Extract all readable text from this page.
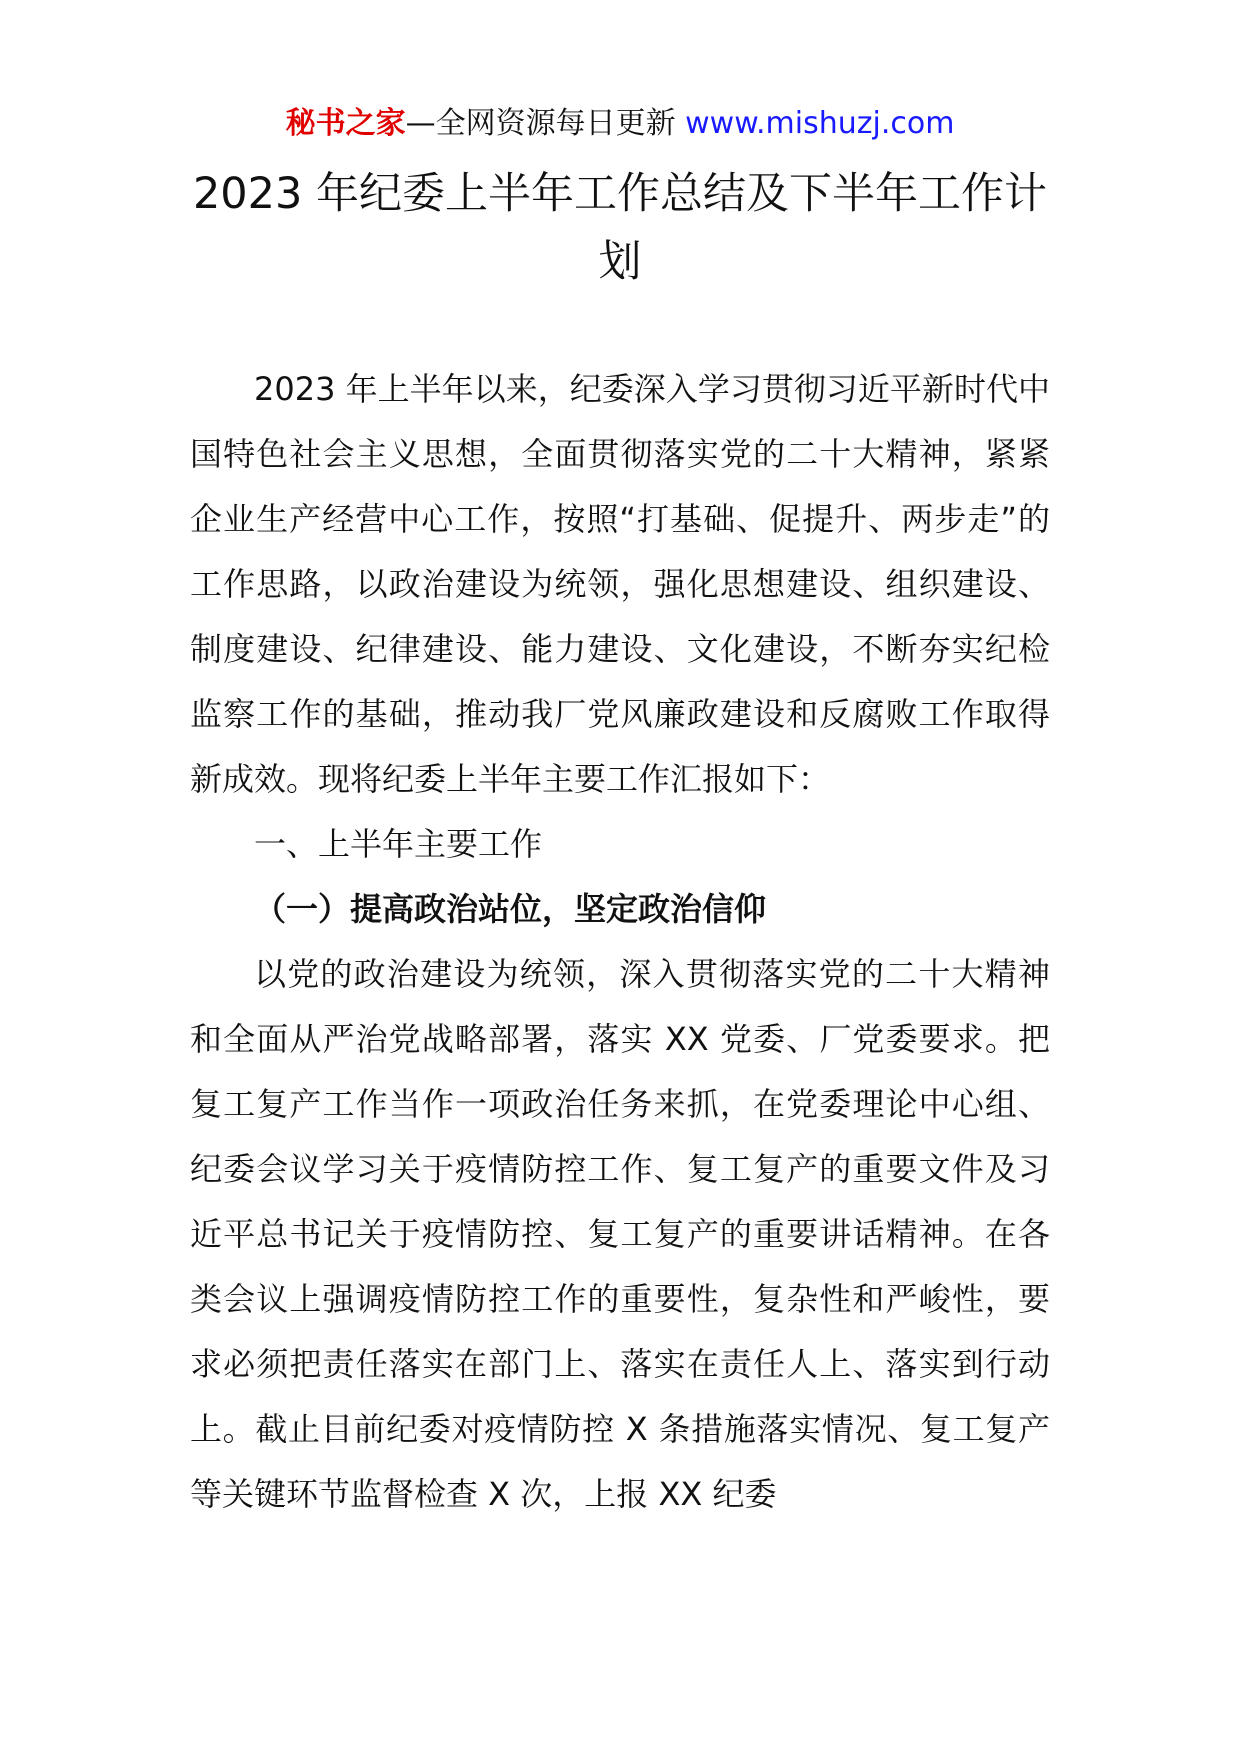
秘书之家—全网资源每日更新 www.mishuzj.com
2023 年纪委上半年工作总结及下半年工作计划

2023 年上半年以来，纪委深入学习贯彻习近平新时代中国特色社会主义思想，全面贯彻落实党的二十大精神，紧紧企业生产经营中心工作，按照“打基础、促提升、两步走”的工作思路，以政治建设为统领，强化思想建设、组织建设、制度建设、纪律建设、能力建设、文化建设，不断夯实纪检监察工作的基础，推动我厂党风廉政建设和反腐败工作取得新成效。现将纪委上半年主要工作汇报如下：

一、上半年主要工作

（一）提高政治站位，坚定政治信仰

以党的政治建设为统领，深入贯彻落实党的二十大精神和全面从严治党战略部署，落实 XX 党委、厂党委要求。把复工复产工作当作一项政治任务来抓，在党委理论中心组、纪委会议学习关于疫情防控工作、复工复产的重要文件及习近平总书记关于疫情防控、复工复产的重要讲话精神。在各类会议上强调疫情防控工作的重要性，复杂性和严峻性，要求必须把责任落实在部门上、落实在责任人上、落实到行动上。截止目前纪委对疫情防控 X 条措施落实情况、复工复产等关键环节监督检查 X 次，上报 XX 纪委
